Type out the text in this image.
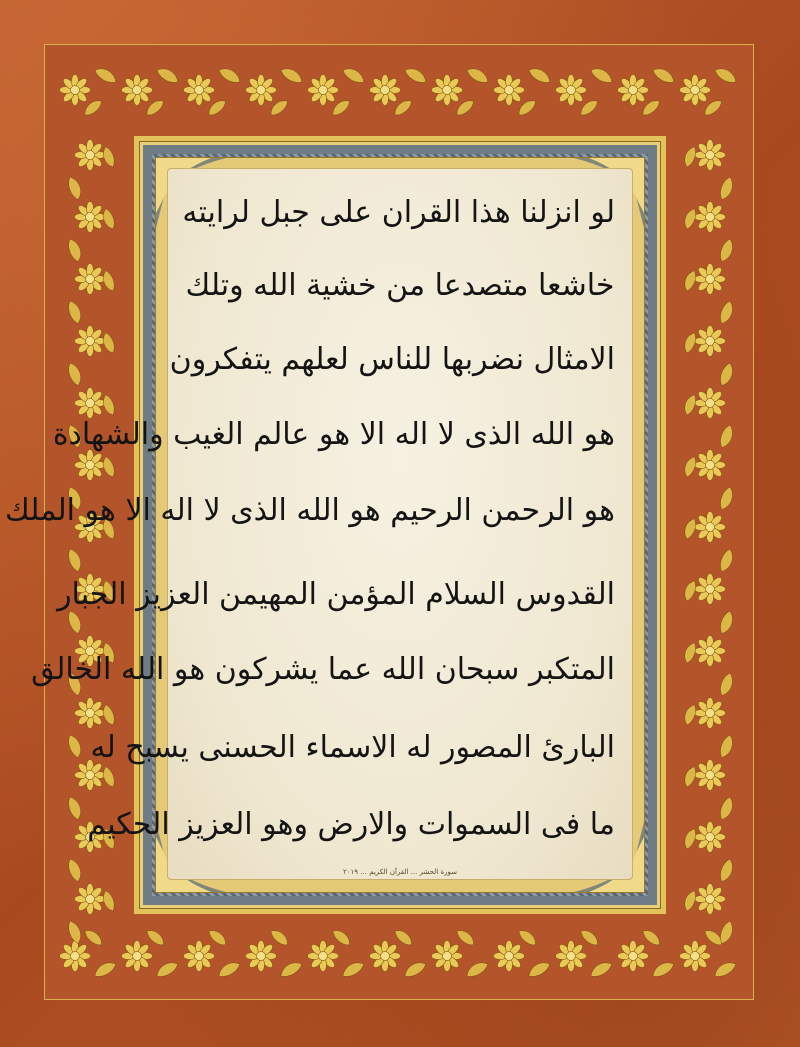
لو انزلنا هذا القران على جبل لرايته
خاشعا متصدعا من خشية الله وتلك
الامثال نضربها للناس لعلهم يتفكرون
هو الله الذى لا اله الا هو عالم الغيب والشهادة
هو الرحمن الرحيم هو الله الذى لا اله الا هو الملك
القدوس السلام المؤمن المهيمن العزيز الجبار
المتكبر سبحان الله عما يشركون هو الله الخالق
البارئ المصور له الاسماء الحسنى يسبح له
ما فى السموات والارض وهو العزيز الحكيم
سورة الحشر ... القرآن الكريم ... ٢٠١٩
